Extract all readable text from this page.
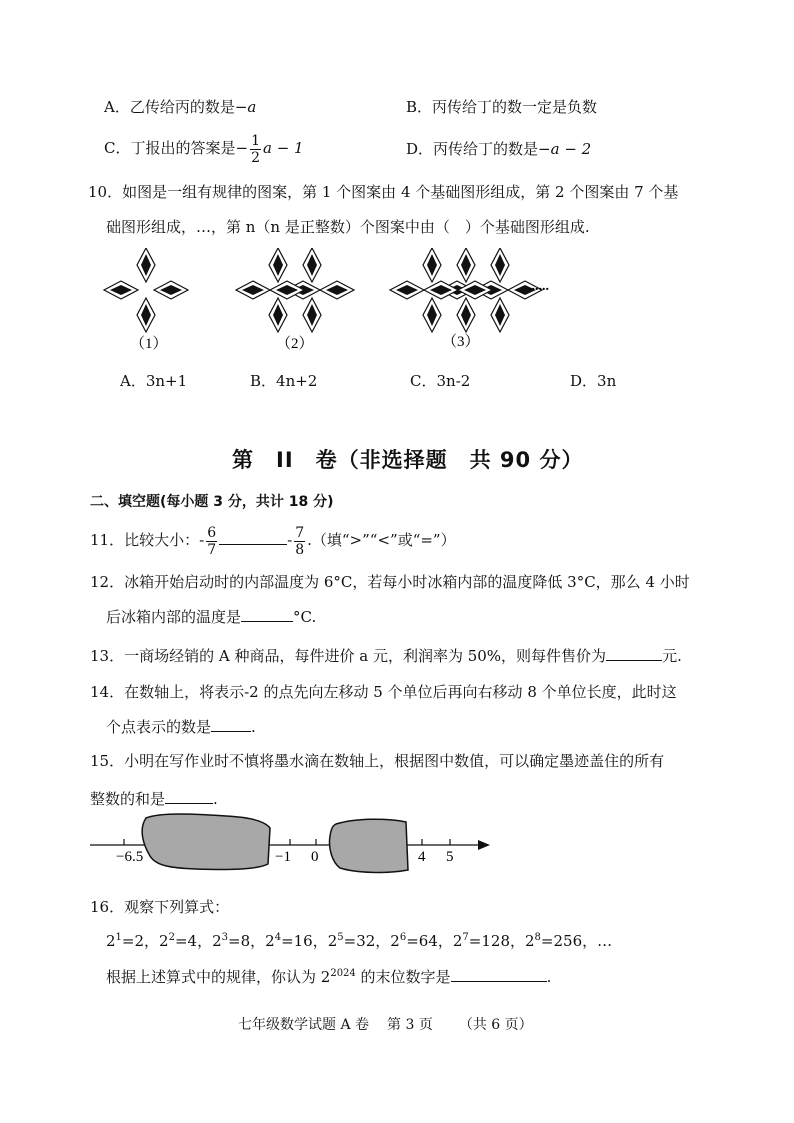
A．乙传给丙的数是−a	B．丙传给丁的数一定是负数
C．丁报出的答案是− $\frac{1}{2}$ a − 1	D．丙传给丁的数是−a − 2
10．如图是一组有规律的图案，第 1 个图案由 4 个基础图形组成，第 2 个图案由 7 个基
础图形组成，…，第 n（n 是正整数）个图案中由（　）个基础图形组成.
......
（1）	（2）	（3）
A．3n+1	B．4n+2	C．3n-2	D．3n
第　II　卷（非选择题　共 90 分）
二、填空题(每小题 3 分，共计 18 分)
11．比较大小：- $\frac{6}{7}$	- $\frac{7}{8}$ .（填“>”“<”或“=”）
12．冰箱开始启动时的内部温度为 6°C，若每小时冰箱内部的温度降低 3°C，那么 4 小时
后冰箱内部的温度是	°C.
13．一商场经销的 A 种商品，每件进价 a 元，利润率为 50%，则每件售价为	元.
14．在数轴上，将表示-2 的点先向左移动 5 个单位后再向右移动 8 个单位长度，此时这
个点表示的数是	.
15．小明在写作业时不慎将墨水滴在数轴上，根据图中数值，可以确定墨迹盖住的所有
整数的和是	.
−6.5	−1 0	4 5
16．观察下列算式：
$2^1=2$，$2^2=4$，$2^3=8$，$2^4=16$，$2^5=32$，$2^6=64$，$2^7=128$，$2^8=256$，…
根据上述算式中的规律，你认为 $2^{2024}$ 的末位数字是	.
七年级数学试题 A 卷 第 3 页 （共 6 页）
